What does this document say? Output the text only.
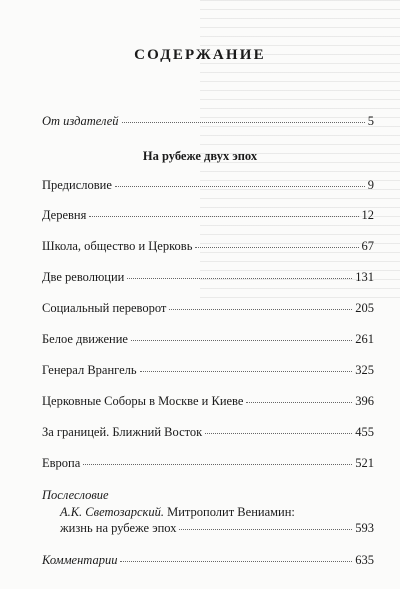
СОДЕРЖАНИЕ
От издателей	5
На рубеже двух эпох
Предисловие	9
Деревня	12
Школа, общество и Церковь	67
Две революции	131
Социальный переворот	205
Белое движение	261
Генерал Врангель	325
Церковные Соборы в Москве и Киеве	396
За границей. Ближний Восток	455
Европа	521
Послесловие
А.К. Светозарский. Митрополит Вениамин:
жизнь на рубеже эпох	593
Комментарии	635
